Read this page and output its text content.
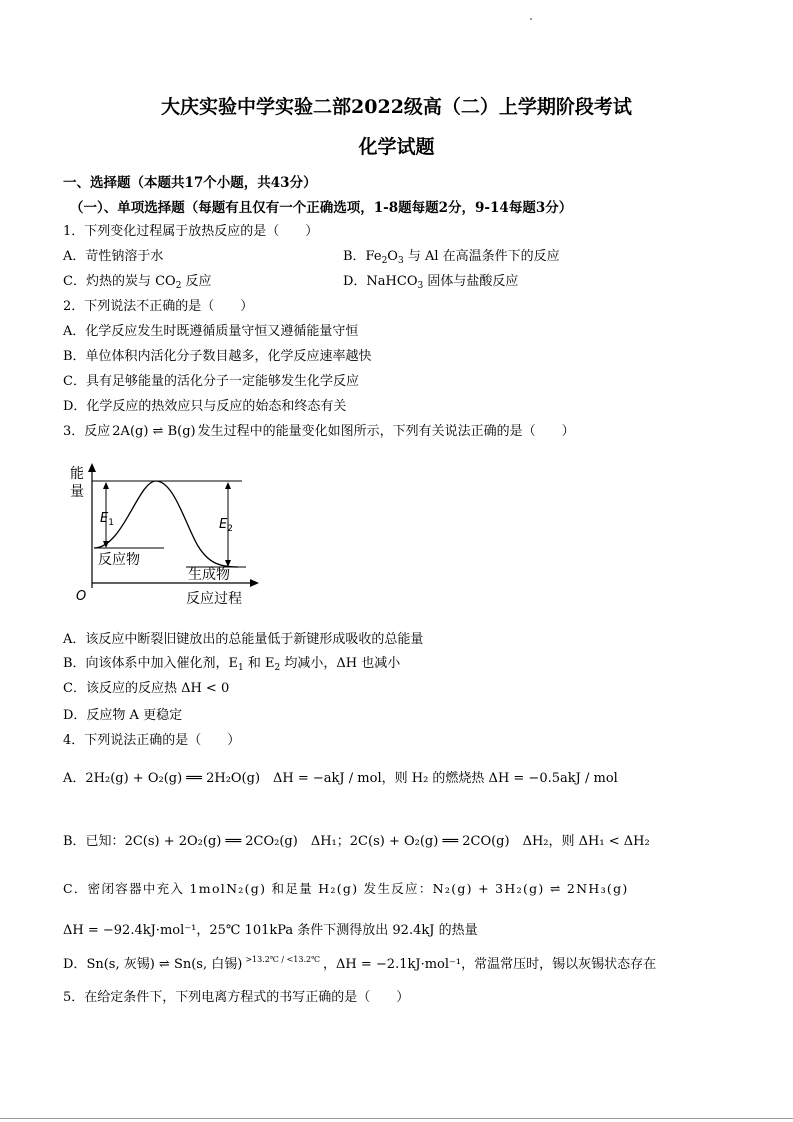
大庆实验中学实验二部2022级高（二）上学期阶段考试
化学试题
一、选择题（本题共17个小题，共43分）
（一）、单项选择题（每题有且仅有一个正确选项，1-8题每题2分，9-14每题3分）
1．下列变化过程属于放热反应的是（　　）
A．苛性钠溶于水	B．$Fe_2O_3$ 与 Al 在高温条件下的反应
C．灼热的炭与 $CO_2$ 反应	D．NaHCO$_3$ 固体与盐酸反应
2．下列说法不正确的是（　　）
A．化学反应发生时既遵循质量守恒又遵循能量守恒
B．单位体积内活化分子数目越多，化学反应速率越快
C．具有足够能量的活化分子一定能够发生化学反应
D．化学反应的热效应只与反应的始态和终态有关
3．反应 2A(g) ⇌ B(g) 发生过程中的能量变化如图所示，下列有关说法正确的是（　　）
能
量
$E_1$	$E_2$
反应物
生成物
O	反应过程
A．该反应中断裂旧键放出的总能量低于新键形成吸收的总能量
B．向该体系中加入催化剂，$E_1$ 和 $E_2$ 均减小，ΔH 也减小
C．该反应的反应热 ΔH < 0
D．反应物 A 更稳定
4．下列说法正确的是（　　）
A．2H₂(g) + O₂(g) ══ 2H₂O(g)　ΔH = −akJ / mol，则 H₂ 的燃烧热 ΔH = −0.5akJ / mol
B．已知：2C(s) + 2O₂(g) ══ 2CO₂(g)　ΔH₁；2C(s) + O₂(g) ══ 2CO(g)　ΔH₂，则 ΔH₁ < ΔH₂
C．密闭容器中充入 1molN₂(g) 和足量 H₂(g) 发生反应：N₂(g) + 3H₂(g) ⇌ 2NH₃(g)
ΔH = −92.4kJ·mol⁻¹，25℃ 101kPa 条件下测得放出 92.4kJ 的热量
D．Sn(s, 灰锡) ⇌ Sn(s, 白锡) $^{>13.2℃ / <13.2℃}$ ，ΔH = −2.1kJ·mol⁻¹，常温常压时，锡以灰锡状态存在
5．在给定条件下，下列电离方程式的书写正确的是（　　）
